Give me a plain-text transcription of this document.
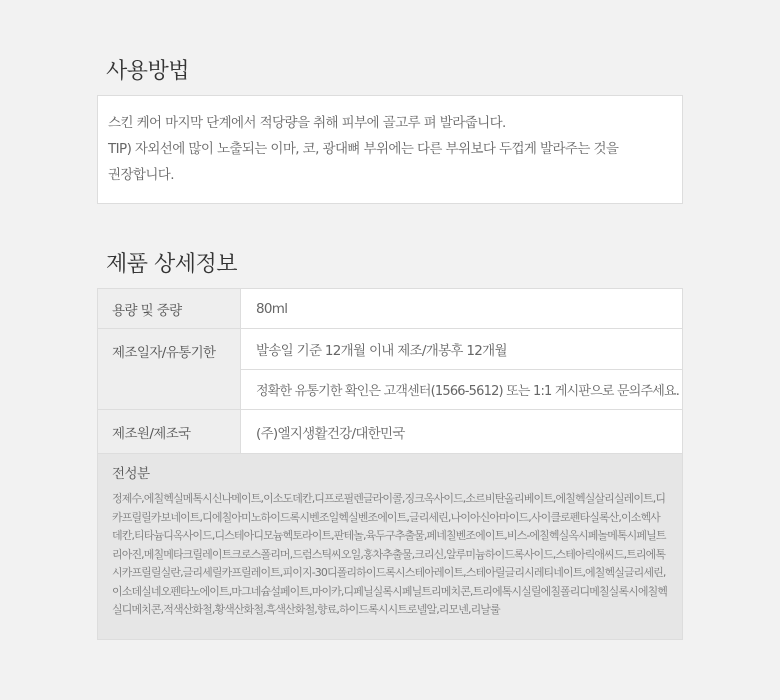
사용방법

스킨 케어 마지막 단계에서 적당량을 취해 피부에 골고루 펴 발라줍니다.

TIP) 자외선에 많이 노출되는 이마, 코, 광대뼈 부위에는 다른 부위보다 두껍게 발라주는 것을

권장합니다.

제품 상세정보
용량 및 중량	80ml
제조일자/유통기한	발송일 기준 12개월 이내 제조/개봉후 12개월
정확한 유통기한 확인은 고객센터(1566-5612) 또는 1:1 게시판으로 문의주세요.
제조원/제조국	(주)엘지생활건강/대한민국
전성분
정제수,에칠헥실메톡시신나메이트,이소도데칸,디프로필렌글라이콜,징크옥사이드,소르비탄올리베이트,에칠헥실살리실레이트,디카프릴릴카보네이트,디에칠아미노하이드록시벤조일헥실벤조에이트,글리세린,나이아신아마이드,사이클로펜타실록산,이소헥사데칸,티타늄디옥사이드,디스테아디모늄헥토라이트,판테놀,육두구추출물,페네칠벤조에이트,비스-에칠헥실옥시페놀메톡시페닐트리아진,메칠메타크릴레이트크로스폴리머,드럼스틱씨오일,홍차추출물,크리신,알루미늄하이드록사이드,스테아릭애씨드,트리에톡시카프릴릴실란,글리세릴카프릴레이트,피이지-30디폴리하이드록시스테아레이트,스테아릴글리시레티네이트,에칠헥실글리세린,이소데실네오펜타노에이트,마그네슘설페이트,마이카,디페닐실록시페닐트리메치콘,트리에톡시실릴에칠폴리디메칠실록시에칠헥실디메치콘,적색산화철,황색산화철,흑색산화철,향료,하이드록시시트로넬알,리모넨,리날룰
